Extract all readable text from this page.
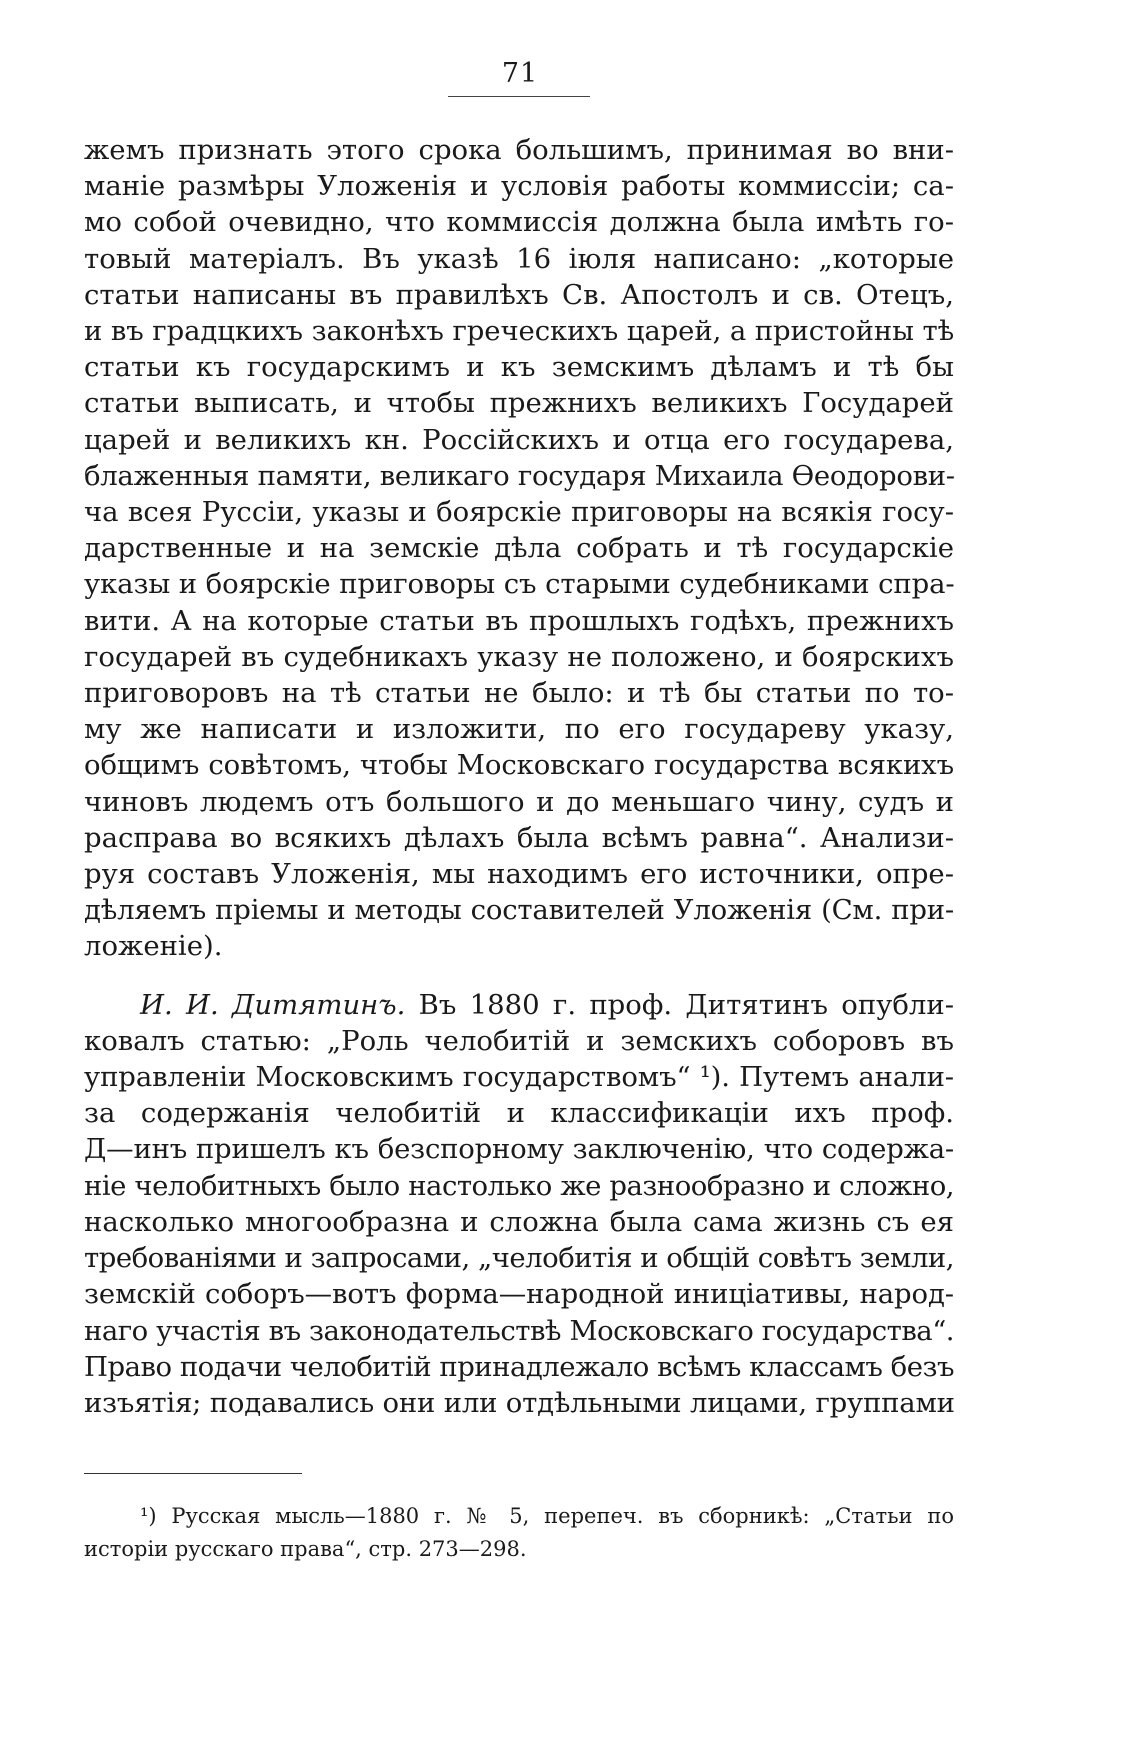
71
жемъ признать этого срока большимъ, принимая во вни-
маніе размѣры Уложенія и условія работы коммиссіи; са-
мо собой очевидно, что коммиссія должна была имѣть го-
товый матеріалъ. Въ указѣ 16 іюля написано: „которые
статьи написаны въ правилѣхъ Св. Апостолъ и св. Отецъ,
и въ градцкихъ законѣхъ греческихъ царей, а пристойны тѣ
статьи къ государскимъ и къ земскимъ дѣламъ и тѣ бы
статьи выписать, и чтобы прежнихъ великихъ Государей
царей и великихъ кн. Россійскихъ и отца его государева,
блаженныя памяти, великаго государя Михаила Ѳеодорови-
ча всея Руссіи, указы и боярскіе приговоры на всякія госу-
дарственные и на земскіе дѣла собрать и тѣ государскіе
указы и боярскіе приговоры съ старыми судебниками спра-
вити. А на которые статьи въ прошлыхъ годѣхъ, прежнихъ
государей въ судебникахъ указу не положено, и боярскихъ
приговоровъ на тѣ статьи не было: и тѣ бы статьи по то-
му же написати и изложити, по его государеву указу,
общимъ совѣтомъ, чтобы Московскаго государства всякихъ
чиновъ людемъ отъ большого и до меньшаго чину, судъ и
расправа во всякихъ дѣлахъ была всѣмъ равна“. Анализи-
руя составъ Уложенія, мы находимъ его источники, опре-
дѣляемъ пріемы и методы составителей Уложенія (См. при-
ложеніе).
И. И. Дитятинъ. Въ 1880 г. проф. Дитятинъ опубли-
ковалъ статью: „Роль челобитій и земскихъ соборовъ въ
управленіи Московскимъ государствомъ“ ¹). Путемъ анали-
за содержанія челобитій и классификаціи ихъ проф.
Д—инъ пришелъ къ безспорному заключенію, что содержа-
ніе челобитныхъ было настолько же разнообразно и сложно,
насколько многообразна и сложна была сама жизнь съ ея
требованіями и запросами, „челобитія и общій совѣтъ земли,
земскій соборъ—вотъ форма—народной иниціативы, народ-
наго участія въ законодательствѣ Московскаго государства“.
Право подачи челобитій принадлежало всѣмъ классамъ безъ
изъятія; подавались они или отдѣльными лицами, группами
¹) Русская мысль—1880 г. № 5, перепеч. въ сборникѣ: „Статьи по
исторіи русскаго права“, стр. 273—298.
